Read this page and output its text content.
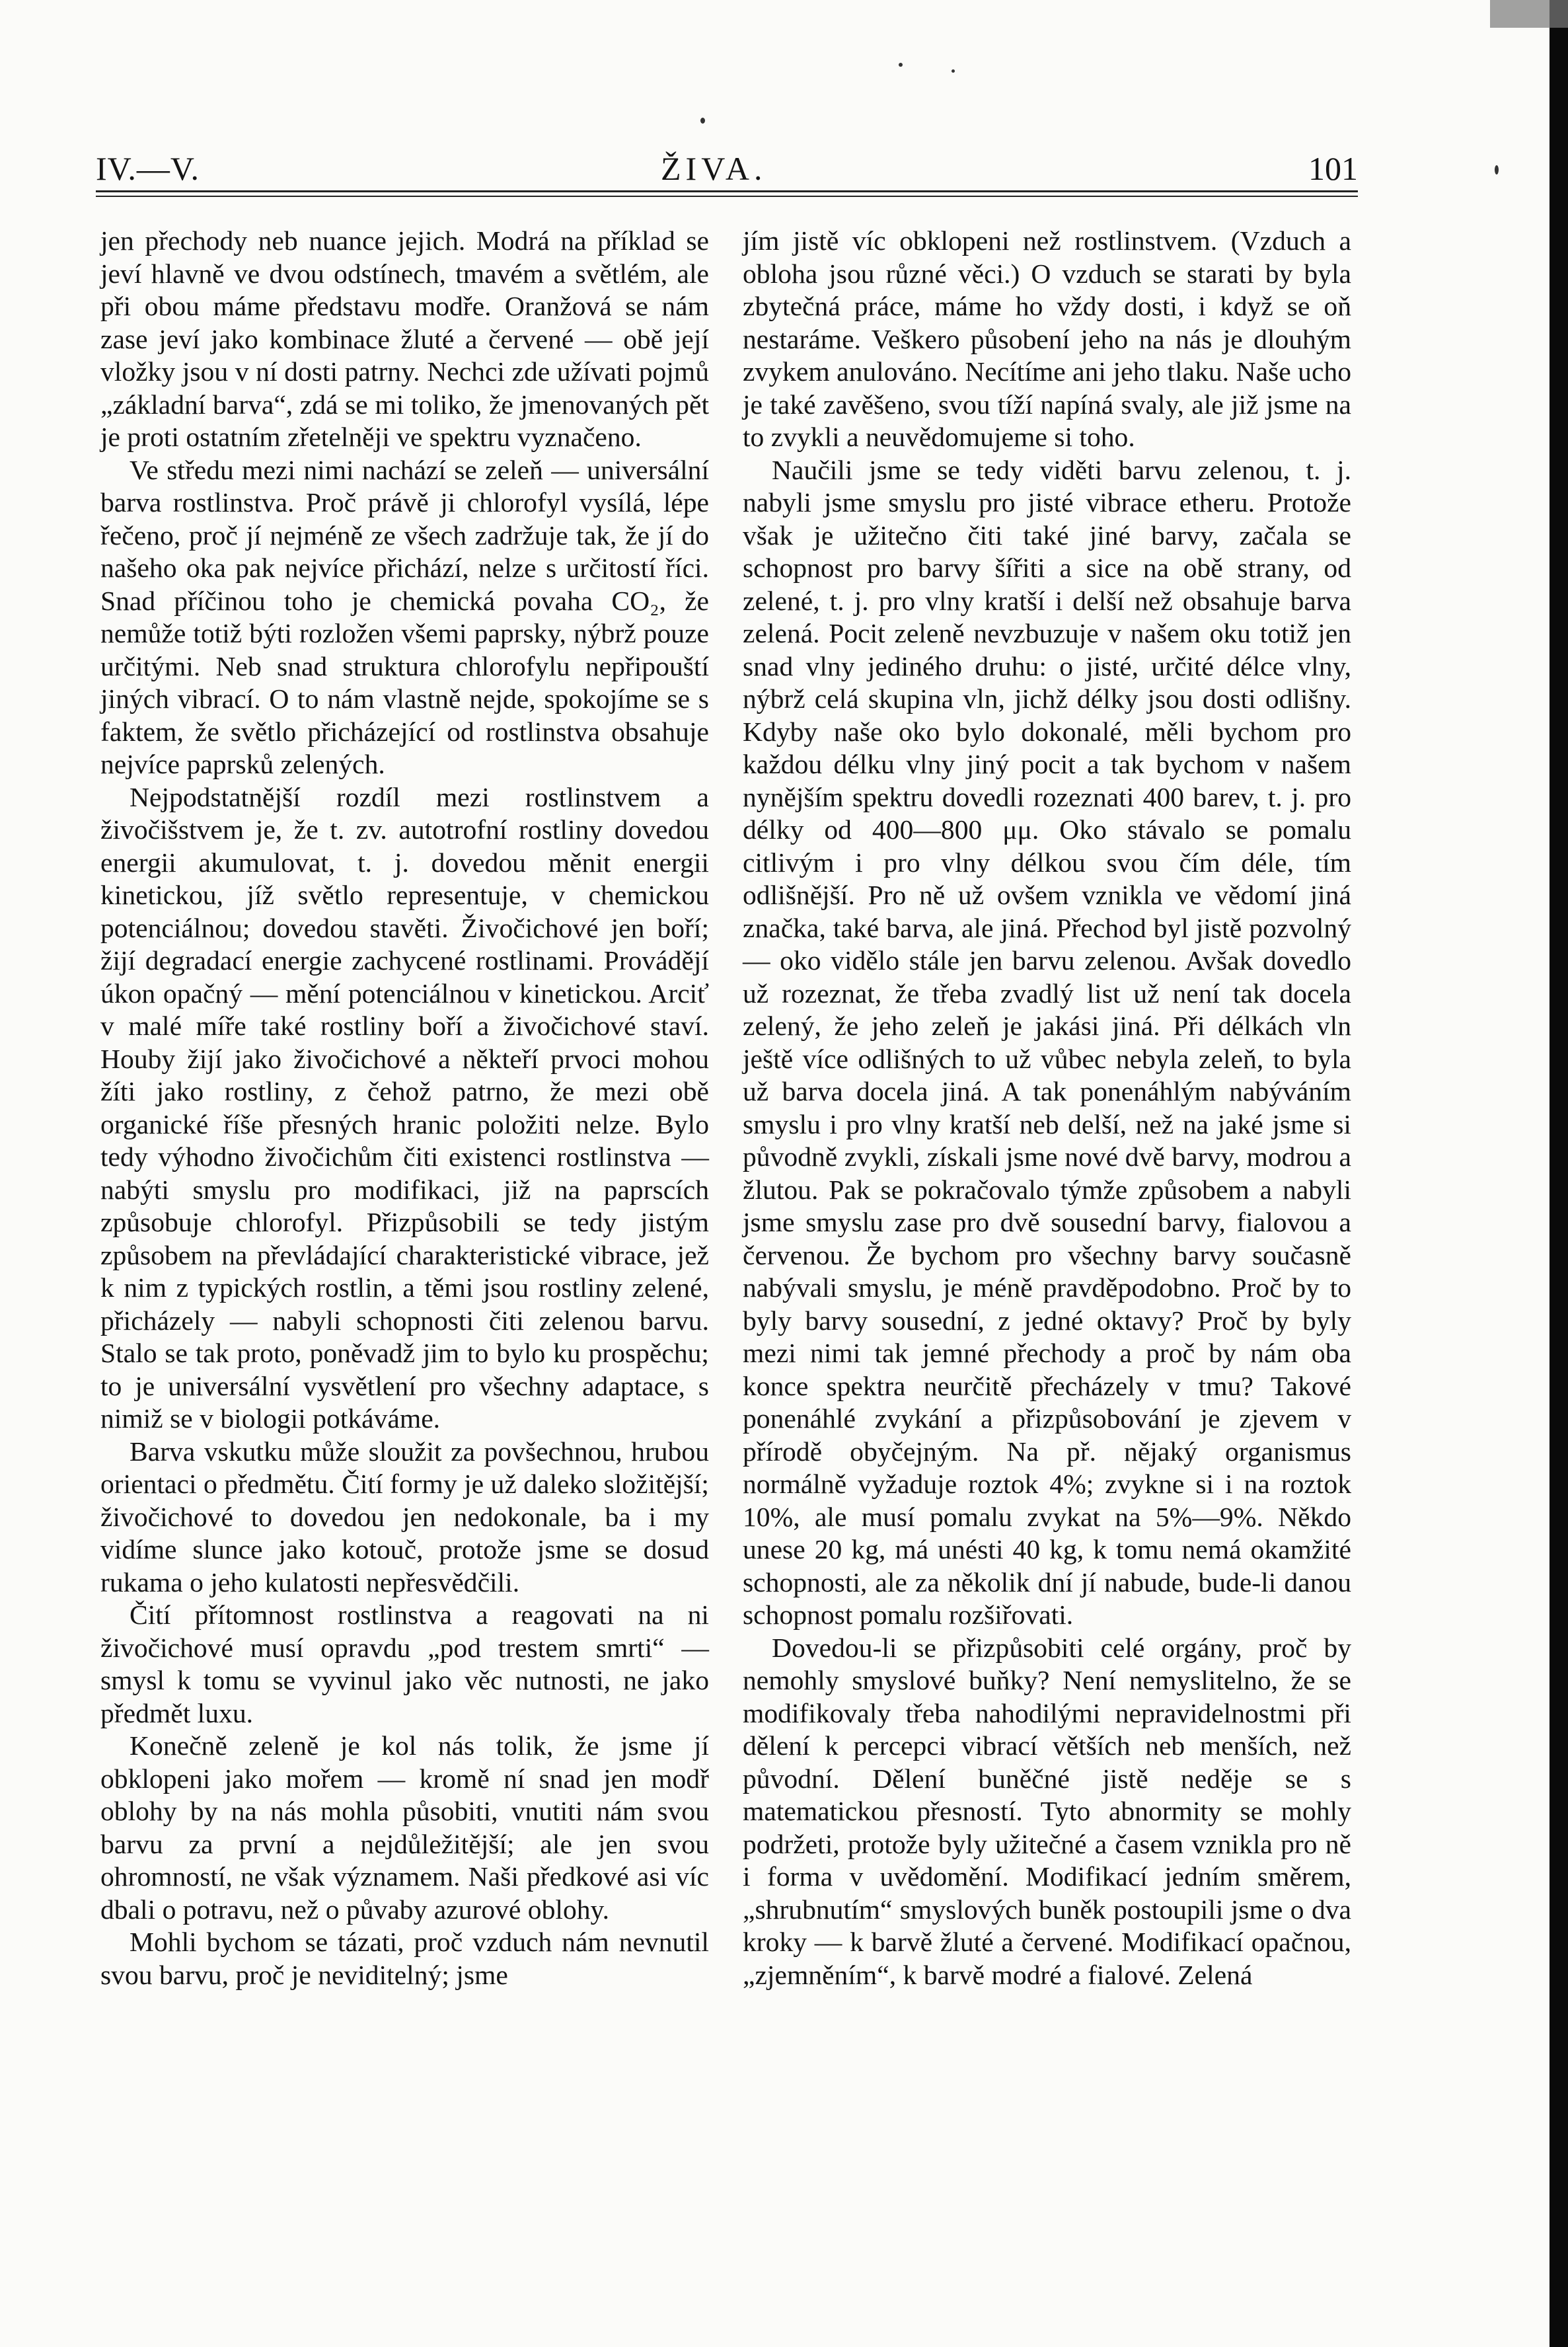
IV.—V.	ŽIVA.	101

jen přechody neb nuance jejich. Modrá na příklad se jeví hlavně ve dvou odstínech, tmavém a světlém, ale při obou máme představu modře. Oranžová se nám zase jeví jako kombinace žluté a červené — obě její vložky jsou v ní dosti patrny. Nechci zde užívati pojmů „základní barva“, zdá se mi toliko, že jmenovaných pět je proti ostatním zřetelněji ve spektru vyznačeno.

Ve středu mezi nimi nachází se zeleň — universální barva rostlinstva. Proč právě ji chlorofyl vysílá, lépe řečeno, proč jí nejméně ze všech zadržuje tak, že jí do našeho oka pak nejvíce přichází, nelze s určitostí říci. Snad příčinou toho je chemická povaha CO₂, že nemůže totiž býti rozložen všemi paprsky, nýbrž pouze určitými. Neb snad struktura chlorofylu nepřipouští jiných vibrací. O to nám vlastně nejde, spokojíme se s faktem, že světlo přicházející od rostlinstva obsahuje nejvíce paprsků zelených.

Nejpodstatnější rozdíl mezi rostlinstvem a živočišstvem je, že t. zv. autotrofní rostliny dovedou energii akumulovat, t. j. dovedou měnit energii kinetickou, jíž světlo representuje, v chemickou potenciálnou; dovedou stavěti. Živočichové jen boří; žijí degradací energie zachycené rostlinami. Provádějí úkon opačný — mění potenciálnou v kinetickou. Arciť v malé míře také rostliny boří a živočichové staví. Houby žijí jako živočichové a někteří prvoci mohou žíti jako rostliny, z čehož patrno, že mezi obě organické říše přesných hranic položiti nelze. Bylo tedy výhodno živočichům čiti existenci rostlinstva — nabýti smyslu pro modifikaci, již na paprscích způsobuje chlorofyl. Přizpůsobili se tedy jistým způsobem na převládající charakteristické vibrace, jež k nim z typických rostlin, a těmi jsou rostliny zelené, přicházely — nabyli schopnosti čiti zelenou barvu. Stalo se tak proto, poněvadž jim to bylo ku prospěchu; to je universální vysvětlení pro všechny adaptace, s nimiž se v biologii potkáváme.

Barva vskutku může sloužit za povšechnou, hrubou orientaci o předmětu. Čití formy je už daleko složitější; živočichové to dovedou jen nedokonale, ba i my vidíme slunce jako kotouč, protože jsme se dosud rukama o jeho kulatosti nepřesvědčili.

Čití přítomnost rostlinstva a reagovati na ni živočichové musí opravdu „pod trestem smrti“ — smysl k tomu se vyvinul jako věc nutnosti, ne jako předmět luxu.

Konečně zeleně je kol nás tolik, že jsme jí obklopeni jako mořem — kromě ní snad jen modř oblohy by na nás mohla působiti, vnutiti nám svou barvu za první a nejdůležitější; ale jen svou ohromností, ne však významem. Naši předkové asi víc dbali o potravu, než o půvaby azurové oblohy.

Mohli bychom se tázati, proč vzduch nám nevnutil svou barvu, proč je neviditelný; jsme

jím jistě víc obklopeni než rostlinstvem. (Vzduch a obloha jsou různé věci.) O vzduch se starati by byla zbytečná práce, máme ho vždy dosti, i když se oň nestaráme. Veškero působení jeho na nás je dlouhým zvykem anulováno. Necítíme ani jeho tlaku. Naše ucho je také zavěšeno, svou tíží napíná svaly, ale již jsme na to zvykli a neuvědomujeme si toho.

Naučili jsme se tedy viděti barvu zelenou, t. j. nabyli jsme smyslu pro jisté vibrace etheru. Protože však je užitečno čiti také jiné barvy, začala se schopnost pro barvy šířiti a sice na obě strany, od zelené, t. j. pro vlny kratší i delší než obsahuje barva zelená. Pocit zeleně nevzbuzuje v našem oku totiž jen snad vlny jediného druhu: o jisté, určité délce vlny, nýbrž celá skupina vln, jichž délky jsou dosti odlišny. Kdyby naše oko bylo dokonalé, měli bychom pro každou délku vlny jiný pocit a tak bychom v našem nynějším spektru dovedli rozeznati 400 barev, t. j. pro délky od 400—800 μμ. Oko stávalo se pomalu citlivým i pro vlny délkou svou čím déle, tím odlišnější. Pro ně už ovšem vznikla ve vědomí jiná značka, také barva, ale jiná. Přechod byl jistě pozvolný — oko vidělo stále jen barvu zelenou. Avšak dovedlo už rozeznat, že třeba zvadlý list už není tak docela zelený, že jeho zeleň je jakási jiná. Při délkách vln ještě více odlišných to už vůbec nebyla zeleň, to byla už barva docela jiná. A tak ponenáhlým nabýváním smyslu i pro vlny kratší neb delší, než na jaké jsme si původně zvykli, získali jsme nové dvě barvy, modrou a žlutou. Pak se pokračovalo týmže způsobem a nabyli jsme smyslu zase pro dvě sousední barvy, fialovou a červenou. Že bychom pro všechny barvy současně nabývali smyslu, je méně pravděpodobno. Proč by to byly barvy sousední, z jedné oktavy? Proč by byly mezi nimi tak jemné přechody a proč by nám oba konce spektra neurčitě přecházely v tmu? Takové ponenáhlé zvykání a přizpůsobování je zjevem v přírodě obyčejným. Na př. nějaký organismus normálně vyžaduje roztok 4%; zvykne si i na roztok 10%, ale musí pomalu zvykat na 5%—9%. Někdo unese 20 kg, má unésti 40 kg, k tomu nemá okamžité schopnosti, ale za několik dní jí nabude, bude-li danou schopnost pomalu rozšiřovati.

Dovedou-li se přizpůsobiti celé orgány, proč by nemohly smyslové buňky? Není nemyslitelno, že se modifikovaly třeba nahodilými nepravidelnostmi při dělení k percepci vibrací větších neb menších, než původní. Dělení buněčné jistě neděje se s matematickou přesností. Tyto abnormity se mohly podržeti, protože byly užitečné a časem vznikla pro ně i forma v uvědomění. Modifikací jedním směrem, „shrubnutím“ smyslových buněk postoupili jsme o dva kroky — k barvě žluté a červené. Modifikací opačnou, „zjemněním“, k barvě modré a fialové. Zelená
